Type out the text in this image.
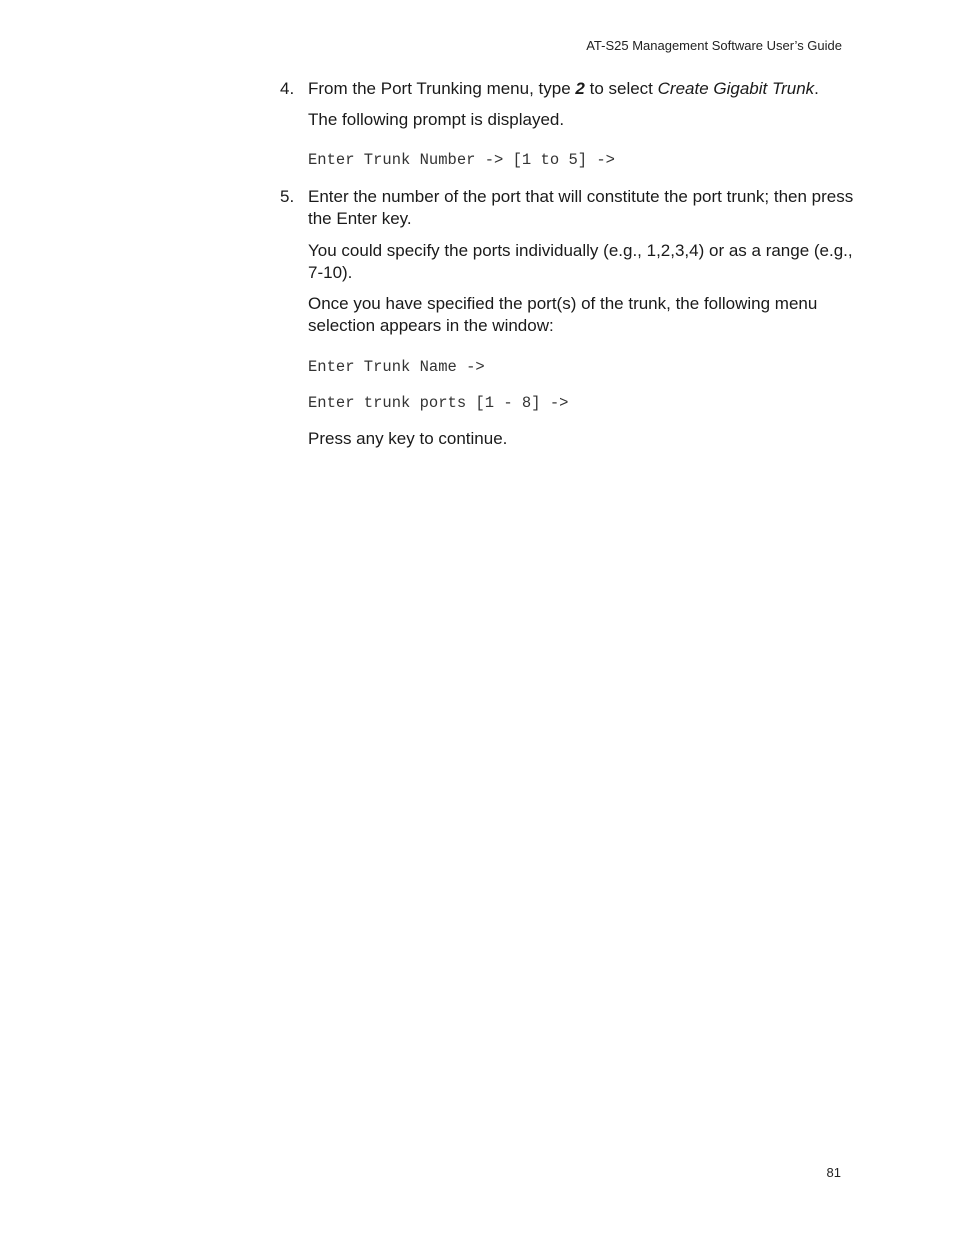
AT-S25 Management Software User’s Guide
4. From the Port Trunking menu, type 2 to select Create Gigabit Trunk.
The following prompt is displayed.
Enter Trunk Number -> [1 to 5] ->
5. Enter the number of the port that will constitute the port trunk; then press the Enter key.
You could specify the ports individually (e.g., 1,2,3,4) or as a range (e.g., 7-10).
Once you have specified the port(s) of the trunk, the following menu selection appears in the window:
Enter Trunk Name ->
Enter trunk ports [1 - 8] ->
Press any key to continue.
81
